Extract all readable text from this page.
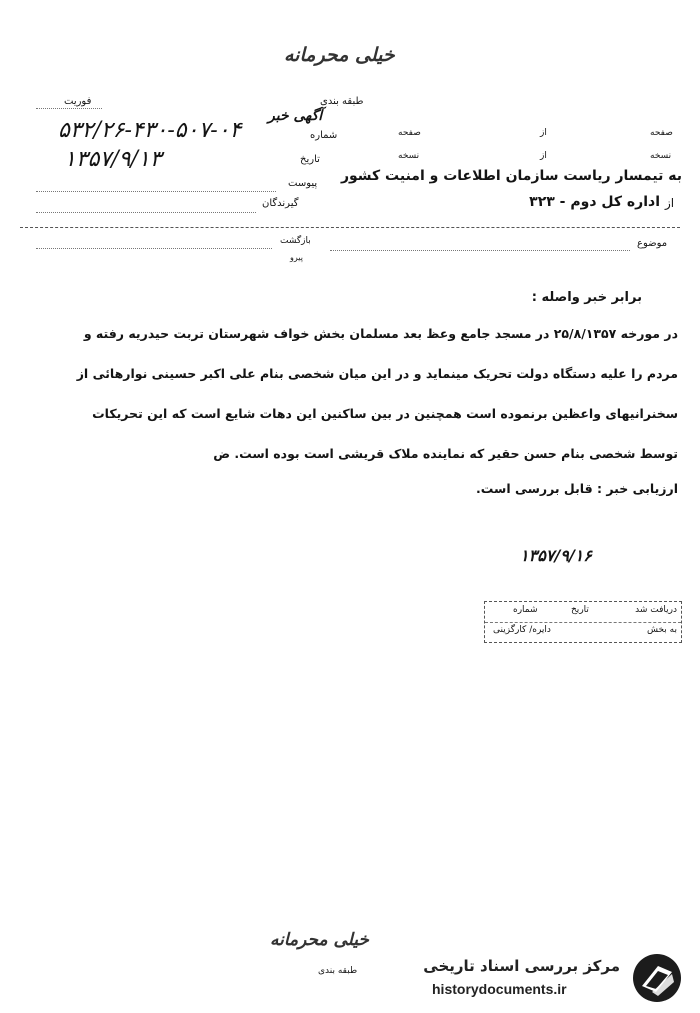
خیلی محرمانه
فوریت	طبقه بندی
آگهی خبر
شماره
۵۳۲/۲۶-۴۳۰-۵۰۷-۰۴
تاریخ
۱۳۵۷/۹/۱۳
پیوست
گیرندگان
صفحه
از
صفحه
نسخه
از
نسخه
به تیمسار ریاست سازمان اطلاعات و امنیت کشور
از
اداره کل دوم - ۳۲۳
موضوع
بازگشت
پیرو
برابر خبر واصله :
در مورخه ۲۵/۸/۱۳۵۷ در مسجد جامع وعظ بعد مسلمان بخش خواف شهرستان تربت حیدریه رفته و
مردم را علیه دستگاه دولت تحریک مینماید و در این میان شخصی بنام علی اکبر حسینی نوارهائی از
سخنرانیهای واعظین برنموده است همچنین در بین ساکنین این دهات شایع است که این تحریکات
توسط شخصی بنام حسن حقیر که نماینده ملاک قریشی است بوده است. ض
ارزیابی خبر : قابل بررسی است.
۱۳۵۷/۹/۱۶
دریافت شد
تاریخ
شماره
به بخش
دایره/ کارگزینی
خیلی محرمانه
طبقه بندی	مرکز بررسی اسناد تاریخی
historydocuments.ir
